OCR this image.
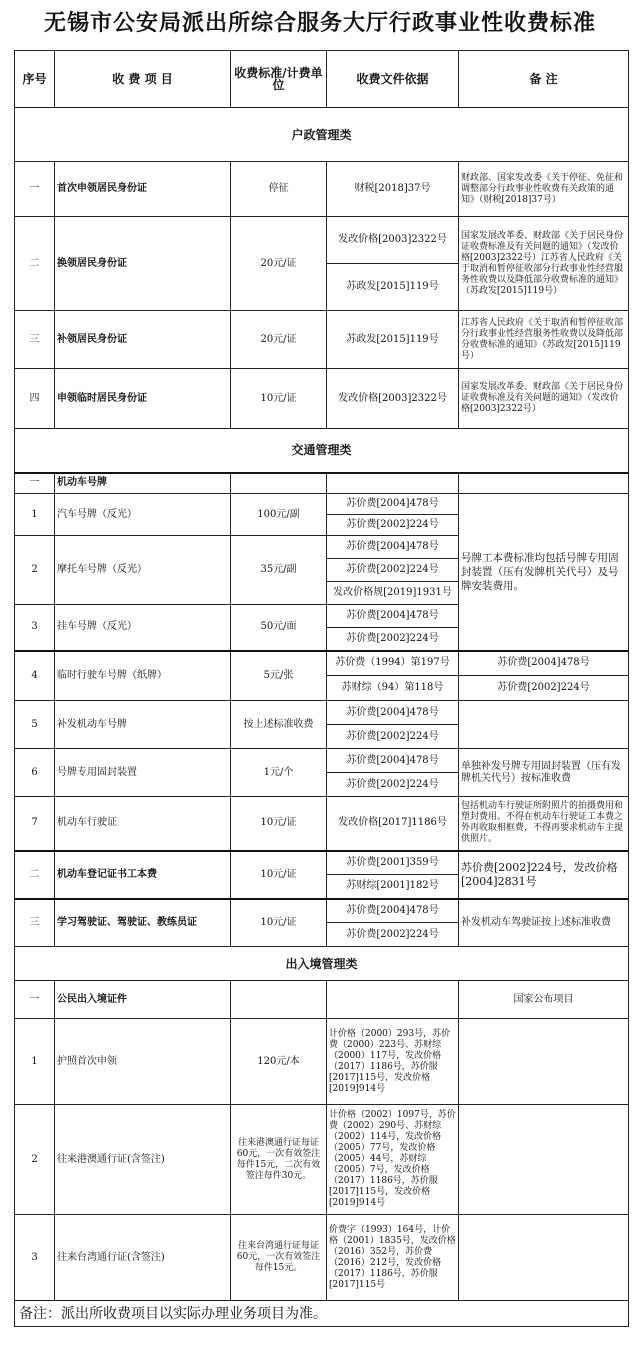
无锡市公安局派出所综合服务大厅行政事业性收费标准
序号	收 费 项 目	收费标准/计费单位	收费文件依据	备 注
户政管理类				
一	首次申领居民身份证	停征	财税[2018]37号	财政部、国家发改委《关于停征、免征和调整部分行政事业性收费有关政策的通知》（财税[2018]37号）
二	换领居民身份证	20元/证	发改价格[2003]2322号	国家发展改革委、财政部《关于居民身份证收费标准及有关问题的通知》（发改价格[2003]2322号）江苏省人民政府《关于取消和暂停征收部分行政事业性经营服务性收费以及降低部分收费标准的通知》（苏政发[2015]119号）
			苏政发[2015]119号	
三	补领居民身份证	20元/证	苏政发[2015]119号	江苏省人民政府《关于取消和暂停征收部分行政事业性经营服务性收费以及降低部分收费标准的通知》（苏政发[2015]119号）
四	申领临时居民身份证	10元/证	发改价格[2003]2322号	国家发展改革委、财政部《关于居民身份证收费标准及有关问题的通知》（发改价格[2003]2322号）
交通管理类				
一	机动车号牌			
1	汽车号牌（反光）	100元/副	苏价费[2004]478号	号牌工本费标准均包括号牌专用固封装置（压有发牌机关代号）及号牌安装费用。
			苏价费[2002]224号	
2	摩托车号牌（反光）	35元/副	苏价费[2004]478号	
			苏价费[2002]224号	
			发改价格规[2019]1931号	
3	挂车号牌（反光）	50元/面	苏价费[2004]478号	
			苏价费[2002]224号	
4	临时行驶车号牌（纸牌）	5元/张	苏价费（1994）第197号	苏价费[2004]478号
			苏财综（94）第118号	苏价费[2002]224号
5	补发机动车号牌	按上述标准收费	苏价费[2004]478号	
			苏价费[2002]224号	
6	号牌专用固封装置	1元/个	苏价费[2004]478号	单独补发号牌专用固封装置（压有发牌机关代号）按标准收费
			苏价费[2002]224号	
7	机动车行驶证	10元/证	发改价格[2017]1186号	包括机动车行驶证所附照片的拍摄费用和塑封费用。不得在机动车行驶证工本费之外再收取相框费，不得再要求机动车主提供照片。
二	机动车登记证书工本费	10元/证	苏价费[2001]359号	苏价费[2002]224号，发改价格[2004]2831号
			苏财综[2001]182号	
三	学习驾驶证、驾驶证、教练员证	10元/证	苏价费[2004]478号	补发机动车驾驶证按上述标准收费
			苏价费[2002]224号	
出入境管理类				
一	公民出入境证件			国家公布项目
1	护照首次申领	120元/本	计价格（2000）293号，苏价费（2000）223号、苏财综（2000）117号，发改价格（2017）1186号，苏价服[2017]115号，发改价格[2019]914号	
2	往来港澳通行证(含签注)	往来港澳通行证每证60元，一次有效签注每件15元，二次有效签注每件30元。	计价格（2002）1097号，苏价费（2002）290号、苏财综（2002）114号，发改价格（2005）77号，发改价格（2005）44号，苏财综（2005）7号，发改价格（2017）1186号，苏价服[2017]115号，发改价格[2019]914号	
3	往来台湾通行证(含签注)	往来台湾通行证每证60元，一次有效签注每件15元。	价费字（1993）164号，计价格（2001）1835号，发改价格（2016）352号，苏价费（2016）212号，发改价格（2017）1186号，苏价服[2017]115号	
备注：派出所收费项目以实际办理业务项目为准。				
